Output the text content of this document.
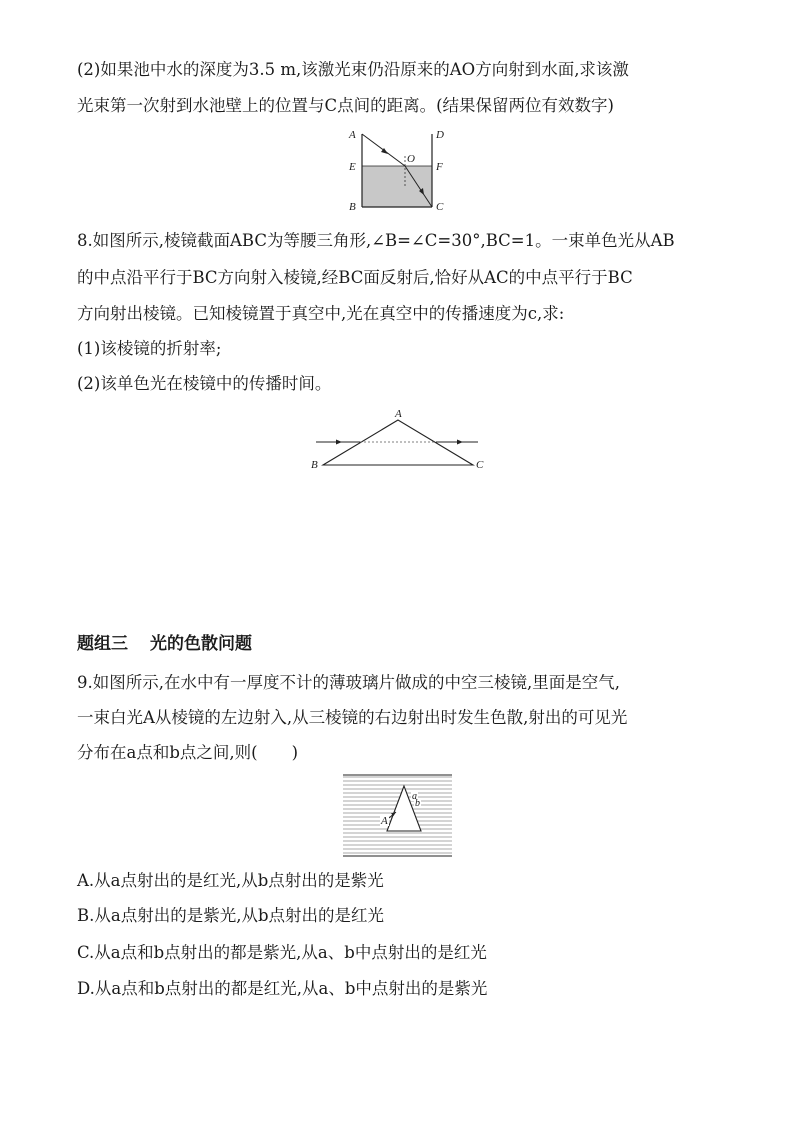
(2)如果池中水的深度为3.5 m,该激光束仍沿原来的AO方向射到水面,求该激
光束第一次射到水池壁上的位置与C点间的距离。(结果保留两位有效数字)
A	D
E	F
O
B	C
8.如图所示,棱镜截面ABC为等腰三角形,∠B=∠C=30°,BC=1。一束单色光从AB
的中点沿平行于BC方向射入棱镜,经BC面反射后,恰好从AC的中点平行于BC
方向射出棱镜。已知棱镜置于真空中,光在真空中的传播速度为c,求:
(1)该棱镜的折射率;
(2)该单色光在棱镜中的传播时间。
A
B	C
题组三 光的色散问题
9.如图所示,在水中有一厚度不计的薄玻璃片做成的中空三棱镜,里面是空气,
一束白光A从棱镜的左边射入,从三棱镜的右边射出时发生色散,射出的可见光
分布在a点和b点之间,则( )
a
b
A
A.从a点射出的是红光,从b点射出的是紫光
B.从a点射出的是紫光,从b点射出的是红光
C.从a点和b点射出的都是紫光,从a、b中点射出的是红光
D.从a点和b点射出的都是红光,从a、b中点射出的是紫光
